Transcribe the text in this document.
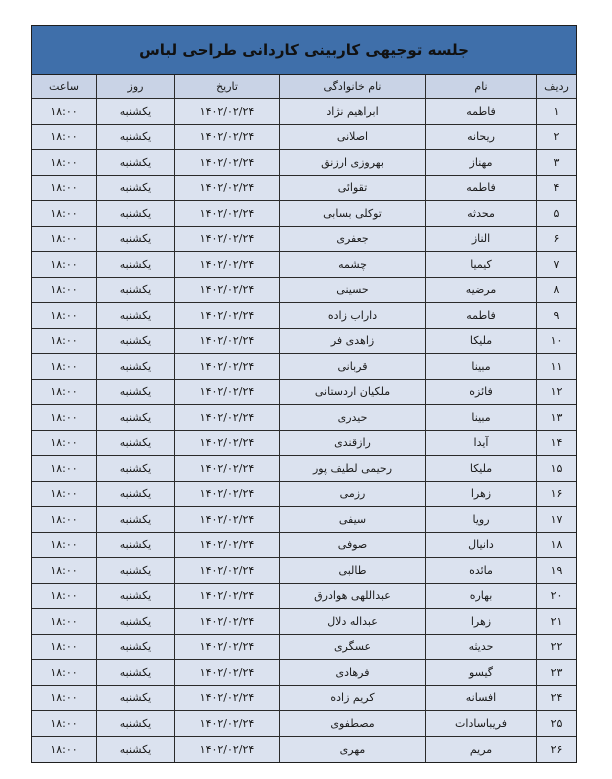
جلسه توجیهی کاربینی کاردانی طراحی لباس
ردیف
نام
نام خانوادگی
تاریخ
روز
ساعت
۱
فاطمه
ابراهیم نژاد
۱۴۰۲/۰۲/۲۴
یکشنبه
۱۸:۰۰
۲
ریحانه
اصلانی
۱۴۰۲/۰۲/۲۴
یکشنبه
۱۸:۰۰
۳
مهناز
بهروزی ارزنق
۱۴۰۲/۰۲/۲۴
یکشنبه
۱۸:۰۰
۴
فاطمه
تقوائی
۱۴۰۲/۰۲/۲۴
یکشنبه
۱۸:۰۰
۵
محدثه
توکلی بسابی
۱۴۰۲/۰۲/۲۴
یکشنبه
۱۸:۰۰
۶
الناز
جعفری
۱۴۰۲/۰۲/۲۴
یکشنبه
۱۸:۰۰
۷
کیمیا
چشمه
۱۴۰۲/۰۲/۲۴
یکشنبه
۱۸:۰۰
۸
مرضیه
حسینی
۱۴۰۲/۰۲/۲۴
یکشنبه
۱۸:۰۰
۹
فاطمه
داراب زاده
۱۴۰۲/۰۲/۲۴
یکشنبه
۱۸:۰۰
۱۰
ملیکا
زاهدی فر
۱۴۰۲/۰۲/۲۴
یکشنبه
۱۸:۰۰
۱۱
مبینا
قربانی
۱۴۰۲/۰۲/۲۴
یکشنبه
۱۸:۰۰
۱۲
فائزه
ملکیان اردستانی
۱۴۰۲/۰۲/۲۴
یکشنبه
۱۸:۰۰
۱۳
مبینا
حیدری
۱۴۰۲/۰۲/۲۴
یکشنبه
۱۸:۰۰
۱۴
آیدا
رازقندی
۱۴۰۲/۰۲/۲۴
یکشنبه
۱۸:۰۰
۱۵
ملیکا
رحیمی لطیف پور
۱۴۰۲/۰۲/۲۴
یکشنبه
۱۸:۰۰
۱۶
زهرا
رزمی
۱۴۰۲/۰۲/۲۴
یکشنبه
۱۸:۰۰
۱۷
رویا
سیفی
۱۴۰۲/۰۲/۲۴
یکشنبه
۱۸:۰۰
۱۸
دانیال
صوفی
۱۴۰۲/۰۲/۲۴
یکشنبه
۱۸:۰۰
۱۹
مائده
طالبی
۱۴۰۲/۰۲/۲۴
یکشنبه
۱۸:۰۰
۲۰
بهاره
عبداللهی هوادرق
۱۴۰۲/۰۲/۲۴
یکشنبه
۱۸:۰۰
۲۱
زهرا
عبداله دلال
۱۴۰۲/۰۲/۲۴
یکشنبه
۱۸:۰۰
۲۲
حدیثه
عسگری
۱۴۰۲/۰۲/۲۴
یکشنبه
۱۸:۰۰
۲۳
گیسو
فرهادی
۱۴۰۲/۰۲/۲۴
یکشنبه
۱۸:۰۰
۲۴
افسانه
کریم زاده
۱۴۰۲/۰۲/۲۴
یکشنبه
۱۸:۰۰
۲۵
فریباسادات
مصطفوی
۱۴۰۲/۰۲/۲۴
یکشنبه
۱۸:۰۰
۲۶
مریم
مهری
۱۴۰۲/۰۲/۲۴
یکشنبه
۱۸:۰۰
